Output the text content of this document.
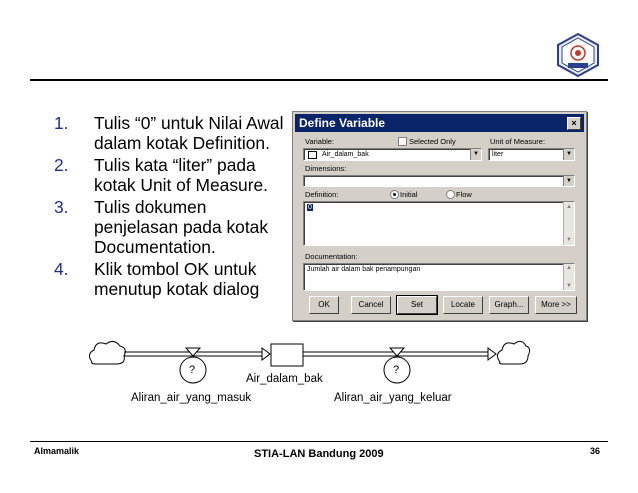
1. Tulis “0” untuk Nilai Awal dalam kotak Definition.
2. Tulis kata “liter” pada kotak Unit of Measure.
3. Tulis dokumen penjelasan pada kotak Documentation.
4. Klik tombol OK untuk menutup kotak dialog
Define Variable	×
Variable:	Selected Only	Unit of Measure:
Air_dalam_bak	▼ liter	▼
Dimensions:
▼
Definition:	Initial	Flow
0	▲
▼
Documentation:
Jumlah air dalam bak penampungan	▲
▼
OK	Cancel	Set	Locate	Graph...	More >>
?	?
Air_dalam_bak
Aliran_air_yang_masuk	Aliran_air_yang_keluar
Almamalik	STIA-LAN Bandung 2009	36
